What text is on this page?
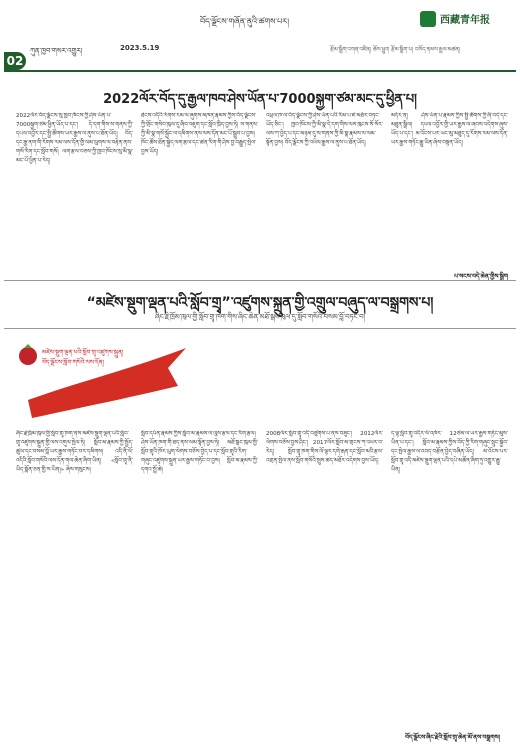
བོད་ལྗོངས་གཞོན་ནུའི་ཚགས་པར།	西藏青年报
02
ཀུན་ཁྱབ་གསར་འགྱུར།	2023.5.19	རྩོམ་སྒྲིག་འགན་འཛིན། ཆོས་ཕྱུག རྩོམ་སྒྲིག་པ། བསོད་ནམས་རྒྱལ་མཚན།
2022ལོར་བོད་དུ་རྒྱལ་ཁབ་ཤེས་ཡོན་པ་7000སྐྱག་ཙམ་མང་དུ་ཕྱིན་པ།
2022ལོར་བོད་ལྗོངས་སུ་ཁྱབ་ཁོངས་ཀྱི་ཤེས་ཡོན་པ་7000སྐྱག་ཙམ་ཕྱིན་ཡོད་པ་དང་། དེ་དག་གིས་ས་གནས་ཀྱི་དཔལ་འབྱོར་དང་སྤྱི་ཚོགས་ཡར་རྒྱས་ལ་ནུས་པ་ཐོན་ཡོད། བོད་དང་རྒྱ་ནག་གི་རོགས་རམ་ལས་དོན་གྱི་ལམ་ལུགས་ལ་བརྟེན་ནས་གསོ་རིག་དང་སློབ་གསོ། ལག་རྩལ་བཅས་ཀྱི་ཁྱབ་ཁོངས་སུ་མི་སྣ་མང་པོ་ཕྱིན་པ་རེད།
ཐེངས་འདིའི་རོགས་རམ་ལ་ཞུགས་མཁན་རྣམས་ཀྱིས་བོད་ལྗོངས་ཀྱི་གྲོང་གསེབ་ཁུལ་དུ་ཞིབ་འཇུག་དང་སློབ་ཁྲིད་བྱས་ཏེ། ས་གནས་ཀྱི་མི་སྣ་གསོ་སྐྱོང་ལ་དམིགས་ནས་ལས་དོན་མང་པོ་སྒྲུབ་པ་བྱས། ཁོང་ཚོས་ཐོན་སྐྱེད་ལག་རྩལ་དང་ཚན་རིག་གི་ཤེས་བྱ་བརྒྱུད་སྤེལ་བྱས་ཡོད།
འཕྲལ་ཁ་ལ་བོད་ལྗོངས་ཀྱི་ཤེས་ཡོན་པའི་རིམ་པ་ཇེ་མཐོར་བཏང་ཡོད་ཅིང་། ཁྱབ་ཁོངས་ཀྱི་མི་སྣ་དེ་དག་གིས་ལས་ཁུངས་སོ་སོར་ལས་ཀ་བྱེད་པ་དང་མཉམ་དུ་ས་གནས་ཀྱི་མི་སྣ་རྣམས་ལ་ལམ་སྟོན་བྱས། བོད་ལྗོངས་ཀྱི་འཕེལ་རྒྱས་ལ་ནུས་པ་ཐོན་ཡོད།
མདོར་ན། ཤེས་ཡོན་པ་རྣམས་ཀྱིས་སྤྱི་ཚོགས་ཀྱི་ཞི་བདེ་དང་མཐུན་སྒྲིལ། དཔལ་འབྱོར་གྱི་ཡར་རྒྱས་ལ་ཞབས་འདེགས་ཞུས་ཡོད་པ་དང་། མ་འོངས་པར་ཡང་མུ་མཐུད་དུ་རོགས་རམ་ལས་དོན་ཡར་རྒྱས་གཏོང་རྒྱུ་ཡིན་ཞེས་བསྟན་ཡོད།
པ་སངས་བདེ་ཆེན་གྱིས་སྒྲིག
“མཛེས་སྡུག་ལྡན་པའི་སློབ་གྲྭ”་འཛུགས་སྐྲུན་གྱི་འགྲུལ་བཞུད་ལ་བསྒྲགས་པ།
ཞིང་རྗེ་ཁྲོམ་ཁུལ་གྱི་སློབ་གྲྭ་ཁག་གིས་ཞིང་ཆེན་མཐོ་སྒང་ཁུལ་དུ་སློབ་གསོའི་བསམ་བློ་བཏང་བ།
མཛེས་སྡུག་ལྡན་པའི་སློབ་གྲྭ་འཛུགས་སྐྲུན།
བོད་ལྗོངས་སློབ་གསོའི་ལས་དོན།
ཞིང་རྗེ་ཁྲོམ་ཁུལ་གྱི་སློབ་གྲྭ་ཁག་ནས་མཛེས་སྡུག་ལྡན་པའི་སློབ་གྲྭ་འཛུགས་སྐྲུན་གྱི་ལས་འགུལ་སྤེལ་ཏེ། སློབ་མ་རྣམས་ཀྱི་སྤྱོད་ཚུལ་དང་བསམ་བློ་ཡར་རྒྱས་གཏོང་བར་དམིགས། འདི་ནི་ལོ་འདིའི་སློབ་གསོའི་ལས་དོན་གལ་ཆེན་ཞིག་ཡིན། «སློབ་གྲྭ་ནི་ཡིད་སྨོན་ཅན་གྱི་ས་ཡིན།» ཞེས་གསུངས།
སློབ་དཔོན་རྣམས་ཀྱིས་སློབ་མ་རྣམས་ལ་ལུས་རྩལ་དང་རིག་རྩལ། ཤེས་ཡོན་ཁག་གི་ཐད་ནས་ལམ་སྟོན་བྱས་ཏེ། མཐོ་སྒང་ཁུལ་གྱི་སློབ་གྲྭའི་ཁོར་ཡུག་ལེགས་བཅོས་བྱེད་པ་དང་སློབ་གྲྭའི་རིག་གཞུང་འཛུགས་སྐྲུན་ཡར་རྒྱས་གཏོང་བ་བྱས། སློབ་མ་རྣམས་ཀྱི་དགའ་སྤྲོ་ཆེ།
2008ལོར་སློབ་གྲྭ་འདི་བཙུགས་པ་ནས་བཟུང་། 2012ལོར་ལེགས་བཅོས་བྱས་ཤིང་། 2017ལོར་སློབ་མ་གྲངས་ཀ་འཕར་བ་རེད། སློབ་གྲྭ་ཁག་གིས་ལོ་ལྟར་དགེ་རྒན་དང་སློབ་མའི་རྩལ་འགྲན་སྤེལ་ནས་སློབ་གསོའི་སྤུས་ཚད་མཐོར་འདེགས་བྱས་ཡོད།
ད་ལྟ་སློབ་གྲྭ་འདིར་ལོ་འཁོར་ 12ཙམ་ལ་ཡར་རྒྱས་གཏོང་མུས་ཡིན་པ་དང་། སློབ་མ་རྣམས་ཀྱིས་བོད་ཀྱི་རིག་གཞུང་སྲུང་སྐྱོབ་དང་སྤེལ་རྒྱས་ལ་འབད་བརྩོན་བྱེད་བཞིན་ཡོད། མ་འོངས་པར་སློབ་གྲྭ་འདི་མཛེས་སྡུག་ལྡན་པའི་དཔེ་མཚོན་ཞིག་ཏུ་འགྱུར་རྒྱུ་ཡིན།
བོད་ལྗོངས་ཞིང་རྗེའི་སློབ་གྲྭ་ཆེན་མོ་ནས་བསྒྲགས།
